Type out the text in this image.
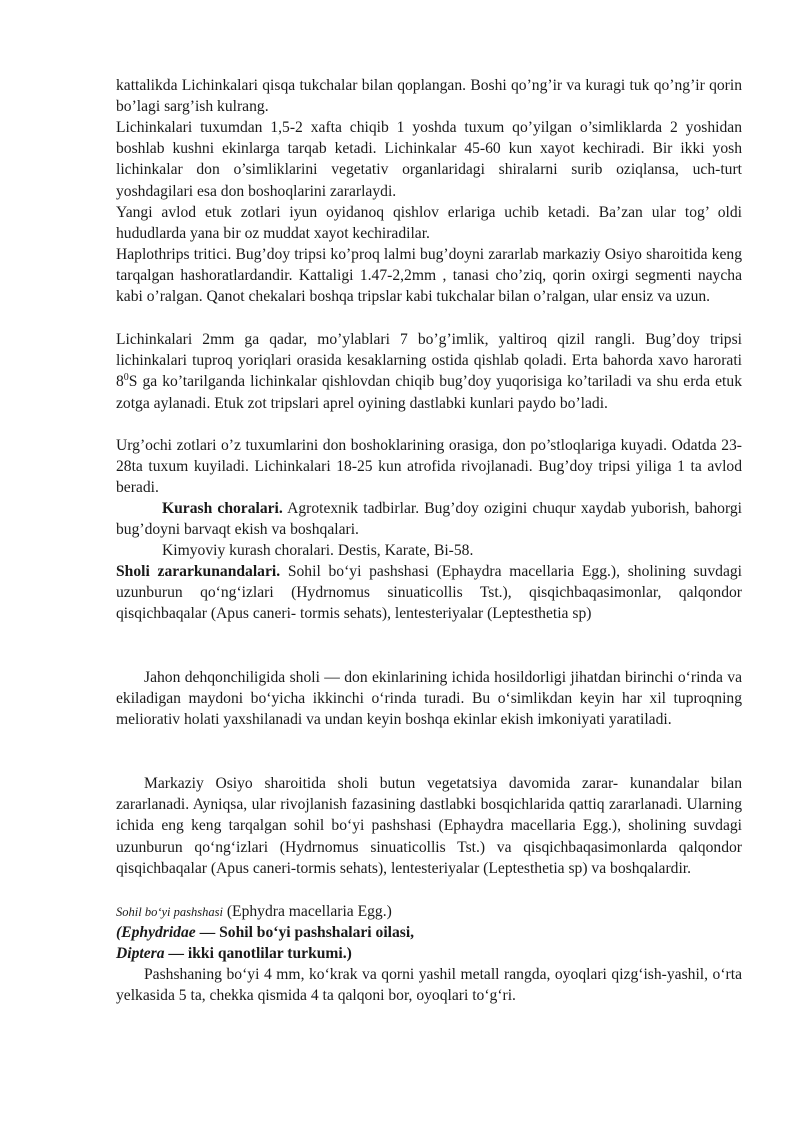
kattalikda Lichinkalari qisqa tukchalar bilan qoplangan. Boshi qo’ng’ir va kuragi tuk qo’ng’ir qorin bo’lagi sarg’ish kulrang.

Lichinkalari tuxumdan 1,5-2 xafta chiqib 1 yoshda tuxum qo’yilgan o’simliklarda 2 yoshidan boshlab kushni ekinlarga tarqab ketadi. Lichinkalar 45-60 kun xayot kechiradi. Bir ikki yosh lichinkalar don o’simliklarini vegetativ organlaridagi shiralarni surib oziqlansa, uch-turt yoshdagilari esa don boshoqlarini zararlaydi.

Yangi avlod etuk zotlari iyun oyidanoq qishlov erlariga uchib ketadi. Ba’zan ular tog’ oldi hududlarda yana bir oz muddat xayot kechiradilar.

Haplothrips tritici. Bug’doy tripsi ko’proq lalmi bug’doyni zararlab markaziy Osiyo sharoitida keng tarqalgan hashoratlardandir. Kattaligi 1.47-2,2mm , tanasi cho’ziq, qorin oxirgi segmenti naycha kabi o’ralgan. Qanot chekalari boshqa tripslar kabi tukchalar bilan o’ralgan, ular ensiz va uzun.

Lichinkalari 2mm ga qadar, mo’ylablari 7 bo’g’imlik, yaltiroq qizil rangli. Bug’doy tripsi lichinkalari tuproq yoriqlari orasida kesaklarning ostida qishlab qoladi. Erta bahorda xavo harorati $8^0S$ ga ko’tarilganda lichinkalar qishlovdan chiqib bug’doy yuqorisiga ko’tariladi va shu erda etuk zotga aylanadi. Etuk zot tripslari aprel oyining dastlabki kunlari paydo bo’ladi.

Urg’ochi zotlari o’z tuxumlarini don boshoklarining orasiga, don po’stloqlariga kuyadi. Odatda 23-28ta tuxum kuyiladi. Lichinkalari 18-25 kun atrofida rivojlanadi. Bug’doy tripsi yiliga 1 ta avlod beradi.

Kurash choralari. Agrotexnik tadbirlar. Bug’doy ozigini chuqur xaydab yuborish, bahorgi bug’doyni barvaqt ekish va boshqalari.

Kimyoviy kurash choralari. Destis, Karate, Bi-58.

Sholi zararkunandalari. Sohil bo‘yi pashshasi (Ephaydra macellaria Egg.), sholining suvdagi uzunburun qo‘ng‘izlari (Hydrnomus sinuaticollis Tst.), qisqichbaqasimonlar, qalqondor qisqichbaqalar (Apus caneri- tormis sehats), lentesteriyalar (Leptesthetia sp)

Jahon dehqonchiligida sholi — don ekinlarining ichida hosildorligi jihatdan birinchi o‘rinda va ekiladigan maydoni bo‘yicha ikkinchi o‘rinda turadi. Bu o‘simlikdan keyin har xil tuproqning meliorativ holati yaxshilanadi va undan keyin boshqa ekinlar ekish imkoniyati yaratiladi.

Markaziy Osiyo sharoitida sholi butun vegetatsiya davomida zarar- kunandalar bilan zararlanadi. Ayniqsa, ular rivojlanish fazasining dastlabki bosqichlarida qattiq zararlanadi. Ularning ichida eng keng tarqalgan sohil bo‘yi pashshasi (Ephaydra macellaria Egg.), sholining suvdagi uzunburun qo‘ng‘izlari (Hydrnomus sinuaticollis Tst.) va qisqichbaqasimonlarda qalqondor qisqichbaqalar (Apus caneri-tormis sehats), lentesteriyalar (Leptesthetia sp) va boshqalardir.

Sohil bo‘yi pashshasi (Ephydra macellaria Egg.)

(Ephydridae — Sohil bo‘yi pashshalari oilasi,
Diptera — ikki qanotlilar turkumi.)

Pashshaning bo‘yi 4 mm, ko‘krak va qorni yashil metall rangda, oyoqlari qizg‘ish-yashil, o‘rta yelkasida 5 ta, chekka qismida 4 ta qalqoni bor, oyoqlari to‘g‘ri.
